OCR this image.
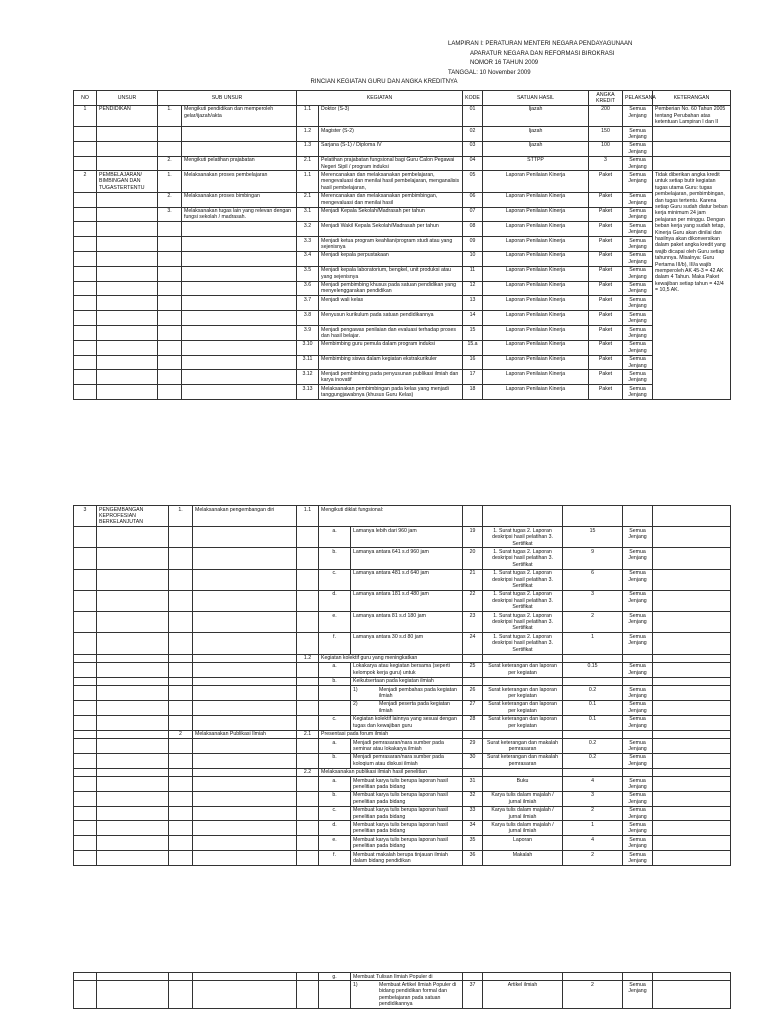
LAMPIRAN I: PERATURAN MENTERI NEGARA PENDAYAGUNAAN
APARATUR NEGARA DAN REFORMASI BIROKRASI
NOMOR 16 TAHUN 2009
TANGGAL: 10 November 2009
RINCIAN KEGIATAN GURU DAN ANGKA KREDITNYA
NO	UNSUR	SUB UNSUR		KEGIATAN		KODE	SATUAN HASIL	ANGKA KREDIT	PELAKSANA	KETERANGAN
1	PENDIDIKAN	1.	Mengikuti pendidikan dan memperoleh gelar/ijazah/akta	1.1	Doktor (S-3)	01	Ijazah	200	Semua Jenjang	Pemberian No. 60 Tahun 2005 tentang Perubahan atas ketentuan Lampiran I dan II
				1.2	Magister (S-2)	02	Ijazah	150	Semua Jenjang	
				1.3	Sarjana (S-1) / Diploma IV	03	Ijazah	100	Semua Jenjang	
		2.	Mengikuti pelatihan prajabatan	2.1	Pelatihan prajabatan fungsional bagi Guru Calon Pegawai Negeri Sipil / program induksi	04	STTPP	3	Semua Jenjang	
2	PEMBELAJARAN/ BIMBINGAN DAN TUGASTERTENTU	1.	Melaksanakan proses pembelajaran	1.1	Merencanakan dan melaksanakan pembelajaran, mengevaluasi dan menilai hasil pembelajaran, menganalisis hasil pembelajaran,	05	Laporan Penilaian Kinerja	Paket	Semua Jenjang	Tidak diberikan angka kredit untuk setiap butir kegiatan tugas utama Guru: tugas pembelajaran, pembimbingan, dan tugas tertentu. Karena setiap Guru sudah diatur beban kerja minimum 24 jam pelajaran per minggu. Dengan beban kerja yang sudah tetap, Kinerja Guru akan dinilai dan hasilnya akan dikonversikan dalam paket angka kredit yang wajib dicapai oleh Guru setiap tahunnya. Misalnya: Guru Pertama III/b), III/a wajib memperoleh AK 45-3 = 42 AK dalam 4 Tahun. Maka Paket kewajiban setiap tahun = 42/4 = 10,5 AK.
		2.	Melaksanakan proses bimbingan	2.1	Merencanakan dan melaksanakan pembimbingan, mengevaluasi dan menilai hasil	06	Laporan Penilaian Kinerja	Paket	Semua Jenjang	
		3.	Melaksanakan tugas lain yang relevan dengan fungsi sekolah / madrasah.	3.1	Menjadi Kepala Sekolah/Madrasah per tahun	07	Laporan Penilaian Kinerja	Paket	Semua Jenjang	
				3.2	Menjadi Wakil Kepala Sekolah/Madrasah per tahun	08	Laporan Penilaian Kinerja	Paket	Semua Jenjang	
				3.3	Menjadi ketua program keahlian/program studi atau yang sejenisnya	09	Laporan Penilaian Kinerja	Paket	Semua Jenjang	
				3.4	Menjadi kepala perpustakaan	10	Laporan Penilaian Kinerja	Paket	Semua Jenjang	
				3.5	Menjadi kepala laboratorium, bengkel, unit produksi atau yang sejenisnya	11	Laporan Penilaian Kinerja	Paket	Semua Jenjang	
				3.6	Menjadi pembimbing khusus pada satuan pendidikan yang menyelenggarakan pendidikan	12	Laporan Penilaian Kinerja	Paket	Semua Jenjang	
				3.7	Menjadi wali kelas	13	Laporan Penilaian Kinerja	Paket	Semua Jenjang	
				3.8	Menyusun kurikulum pada satuan pendidikannya	14	Laporan Penilaian Kinerja	Paket	Semua Jenjang	
				3.9	Menjadi pengawas penilaian dan evaluasi terhadap proses dan hasil belajar.	15	Laporan Penilaian Kinerja	Paket	Semua Jenjang	
				3.10	Membimbing guru pemula dalam program induksi	15.a	Laporan Penilaian Kinerja	Paket	Semua Jenjang	
				3.11	Membimbing siswa dalam kegiatan ekstrakurikuler	16	Laporan Penilaian Kinerja	Paket	Semua Jenjang	
				3.12	Menjadi pembimbing pada penyusunan publikasi ilmiah dan karya inovatif	17	Laporan Penilaian Kinerja	Paket	Semua Jenjang	
				3.13	Melaksanakan pembimbingan pada kelas yang menjadi tanggungjawabnya (khusus Guru Kelas)	18	Laporan Penilaian Kinerja	Paket	Semua Jenjang	
3	PENGEMBANGAN KEPROFESIAN BERKELANJUTAN	1.	Melaksanakan pengembangan diri	1.1	Mengikuti diklat fungsional:						
					a.	Lamanya lebih dari 960 jam	19	1. Surat tugas 2. Laporan deskripsi hasil pelatihan 3. Sertifikat	15	Semua Jenjang	
					b.	Lamanya antara 641 s.d 960 jam	20	1. Surat tugas 2. Laporan deskripsi hasil pelatihan 3. Sertifikat	9	Semua Jenjang	
					c.	Lamanya antara 481 s.d 640 jam	21	1. Surat tugas 2. Laporan deskripsi hasil pelatihan 3. Sertifikat	6	Semua Jenjang	
					d.	Lamanya antara 181 s.d 480 jam	22	1. Surat tugas 2. Laporan deskripsi hasil pelatihan 3. Sertifikat	3	Semua Jenjang	
					e.	Lamanya antara 81 s.d 180 jam	23	1. Surat tugas 2. Laporan deskripsi hasil pelatihan 3. Sertifikat	2	Semua Jenjang	
					f.	Lamanya antara 30 s.d 80 jam	24	1. Surat tugas 2. Laporan deskripsi hasil pelatihan 3. Sertifikat	1	Semua Jenjang	
				1.2	Kegiatan kolektif guru yang meningkatkan						
					a.	Lokakarya atau kegiatan bersama (seperti kelompok kerja guru) untuk	25	Surat keterangan dan laporan per kegiatan	0.15	Semua Jenjang	
					b.	Keikutsertaan pada kegiatan ilmiah					

						1) Menjadi pembahas pada kegiatan ilmiah	26	Surat keterangan dan laporan per kegiatan	0.2	Semua Jenjang	

						2) Menjadi peserta pada kegiatan ilmiah	27	Surat keterangan dan laporan per kegiatan	0.1	Semua Jenjang	
					c.	Kegiatan kolektif lainnya yang sesuai dengan tugas dan kewajiban guru	28	Surat keterangan dan laporan per kegiatan	0.1	Semua Jenjang	
		2	Melaksanakan Publikasi Ilmiah	2.1	Presentasi pada forum ilmiah						
					a.	Menjadi pemrasaran/nara sumber pada seminar atau lokakarya ilmiah	29	Surat keterangan dan makalah pemrasaran	0.2	Semua Jenjang	
					b.	Menjadi pemrasaran/nara sumber pada koloqium atau diskusi ilmiah	30	Surat keterangan dan makalah pemrasaran	0.2	Semua Jenjang	
				2.2	Melaksanakan publikasi ilmiah hasil penelitian						
					a.	Membuat karya tulis berupa laporan hasil penelitian pada bidang	31	Buku	4	Semua Jenjang	
					b.	Membuat karya tulis berupa laporan hasil penelitian pada bidang	32	Karya tulis dalam majalah / jurnal ilmiah	3	Semua Jenjang	
					c.	Membuat karya tulis berupa laporan hasil penelitian pada bidang	33	Karya tulis dalam majalah / jurnal ilmiah	2	Semua Jenjang	
					d.	Membuat karya tulis berupa laporan hasil penelitian pada bidang	34	Karya tulis dalam majalah / jurnal ilmiah	1	Semua Jenjang	
					e.	Membuat karya tulis berupa laporan hasil penelitian pada bidang	35	Laporan	4	Semua Jenjang	
					f.	Membuat makalah berupa tinjauan ilmiah dalam bidang pendidikan	36	Makalah	2	Semua Jenjang	
					g.	Membuat Tulisan Ilmiah Populer di					

						1) Membuat Artikel Ilmiah Populer di bidang pendidikan formal dan pembelajaran pada satuan pendidikannya	37	Artikel ilmiah	2	Semua Jenjang	
